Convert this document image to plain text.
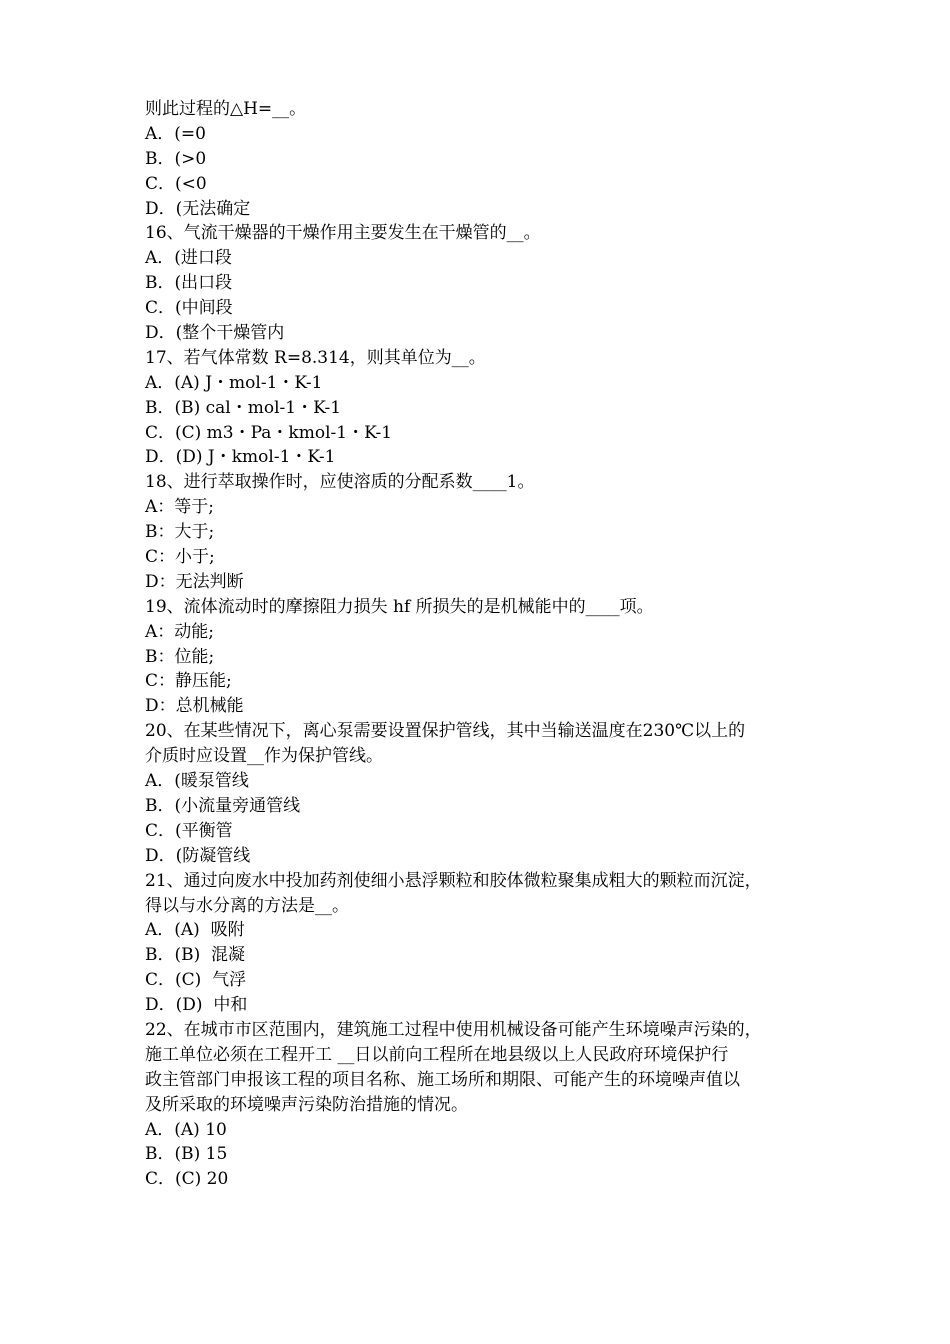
则此过程的△H=__。
A．(=0
B．(>0
C．(<0
D．(无法确定
16、气流干燥器的干燥作用主要发生在干燥管的__。
A．(进口段
B．(出口段
C．(中间段
D．(整个干燥管内
17、若气体常数 R=8.314，则其单位为__。
A．(A) J・mol-1・K-1
B．(B) cal・mol-1・K-1
C．(C) m3・Pa・kmol-1・K-1
D．(D) J・kmol-1・K-1
18、进行萃取操作时，应使溶质的分配系数____1。
A：等于;
B：大于;
C：小于;
D：无法判断
19、流体流动时的摩擦阻力损失 hf 所损失的是机械能中的____项。
A：动能;
B：位能;
C：静压能;
D：总机械能
20、在某些情况下，离心泵需要设置保护管线，其中当输送温度在230℃以上的
介质时应设置__作为保护管线。
A．(暖泵管线
B．(小流量旁通管线
C．(平衡管
D．(防凝管线
21、通过向废水中投加药剂使细小悬浮颗粒和胶体微粒聚集成粗大的颗粒而沉淀，
得以与水分离的方法是__。
A．(A)  吸附
B．(B)  混凝
C．(C)  气浮
D．(D)  中和
22、在城市市区范围内，建筑施工过程中使用机械设备可能产生环境噪声污染的，
施工单位必须在工程开工 __日以前向工程所在地县级以上人民政府环境保护行
政主管部门申报该工程的项目名称、施工场所和期限、可能产生的环境噪声值以
及所采取的环境噪声污染防治措施的情况。
A．(A) 10
B．(B) 15
C．(C) 20
